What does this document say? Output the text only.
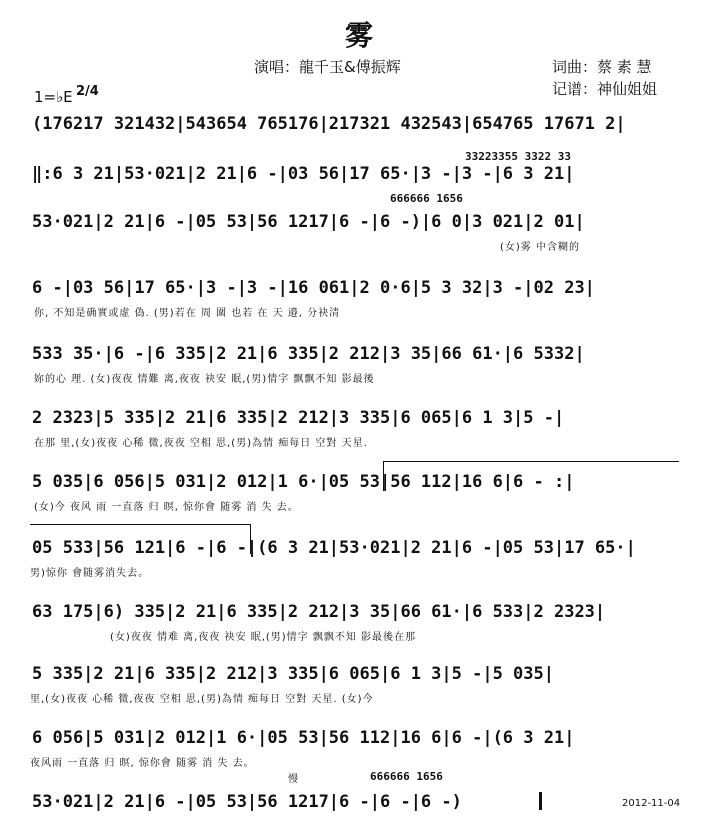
雾
演唱：龍千玉&傅振辉	词曲：蔡 素 慧
记谱：神仙姐姐
1=♭E 2/4
(176217 321432|543654 765176|217321 432543|654765 17671 2|
33223355 3322 33
‖:6 3 21|53·021|2 21|6 -|03 56|17 65·|3 -|3 -|6 3 21|
666666 1656
53·021|2 21|6 -|05 53|56 1217|6 -|6 -)|6 0|3 021|2 01|
(女)雾 中含糊的
6 -|03 56|17 65·|3 -|3 -|16 061|2 0·6|5 3 32|3 -|02 23|
你, 不知是确實或虚 偽. (男)若在 周 圍 也若 在 天 邉, 分袂清
533 35·|6 -|6 335|2 21|6 335|2 212|3 35|66 61·|6 5332|
妳的心 理. (女)夜夜 情難 离,夜夜 袂安 眠,(男)情字 飘飘不知 影最後
2 2323|5 335|2 21|6 335|2 212|3 335|6 065|6 1 3|5 -|
在那 里,(女)夜夜 心稀 微,夜夜 空相 思,(男)為情 痴每日 空對 天星.
5 035|6 056|5 031|2 012|1 6·|05 53|56 112|16 6|6 - :|
(女)今 夜风 雨 一直落 归 暝, 惊你會 随雾 消 失 去。
05 533|56 121|6 -|6 -|(6 3 21|53·021|2 21|6 -|05 53|17 65·|
男)惊你 會随雾消失去。
63 175|6) 335|2 21|6 335|2 212|3 35|66 61·|6 533|2 2323|
(女)夜夜 情难 离,夜夜 袂安 眠,(男)情字 飘飘不知 影最後在那
5 335|2 21|6 335|2 212|3 335|6 065|6 1 3|5 -|5 035|
里,(女)夜夜 心稀 微,夜夜 空相 思,(男)為情 痴每日 空對 天星. (女)今
6 056|5 031|2 012|1 6·|05 53|56 112|16 6|6 -|(6 3 21|
夜风雨 一直落 归 暝, 惊你會 随雾 消 失 去。
慢	666666 1656
53·021|2 21|6 -|05 53|56 1217|6 -|6 -|6 -)	2012-11-04
